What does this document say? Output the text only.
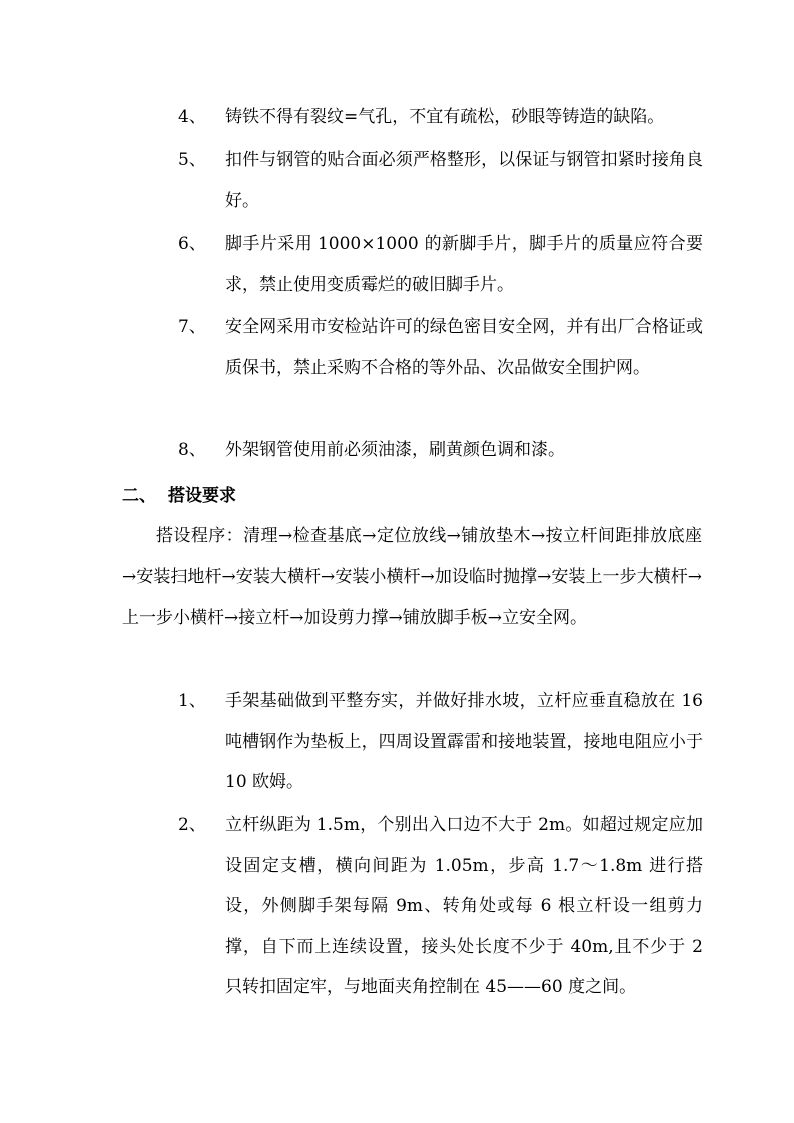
4、 铸铁不得有裂纹=气孔，不宜有疏松，砂眼等铸造的缺陷。
5、 扣件与钢管的贴合面必须严格整形，以保证与钢管扣紧时接角良好。
6、 脚手片采用 1000×1000 的新脚手片，脚手片的质量应符合要求，禁止使用变质霉烂的破旧脚手片。
7、 安全网采用市安检站许可的绿色密目安全网，并有出厂合格证或质保书，禁止采购不合格的等外品、次品做安全围护网。
8、 外架钢管使用前必须油漆，刷黄颜色调和漆。
二、 搭设要求
搭设程序：清理→检查基底→定位放线→铺放垫木→按立杆间距排放底座→安装扫地杆→安装大横杆→安装小横杆→加设临时抛撑→安装上一步大横杆→上一步小横杆→接立杆→加设剪力撑→铺放脚手板→立安全网。
1、 手架基础做到平整夯实，并做好排水坡，立杆应垂直稳放在 16 吨槽钢作为垫板上，四周设置霹雷和接地装置，接地电阻应小于 10 欧姆。
2、 立杆纵距为 1.5m，个别出入口边不大于 2m。如超过规定应加设固定支槽，横向间距为 1.05m，步高 1.7～1.8m 进行搭设，外侧脚手架每隔 9m、转角处或每 6 根立杆设一组剪力撑，自下而上连续设置，接头处长度不少于 40m,且不少于 2 只转扣固定牢，与地面夹角控制在 45——60 度之间。
